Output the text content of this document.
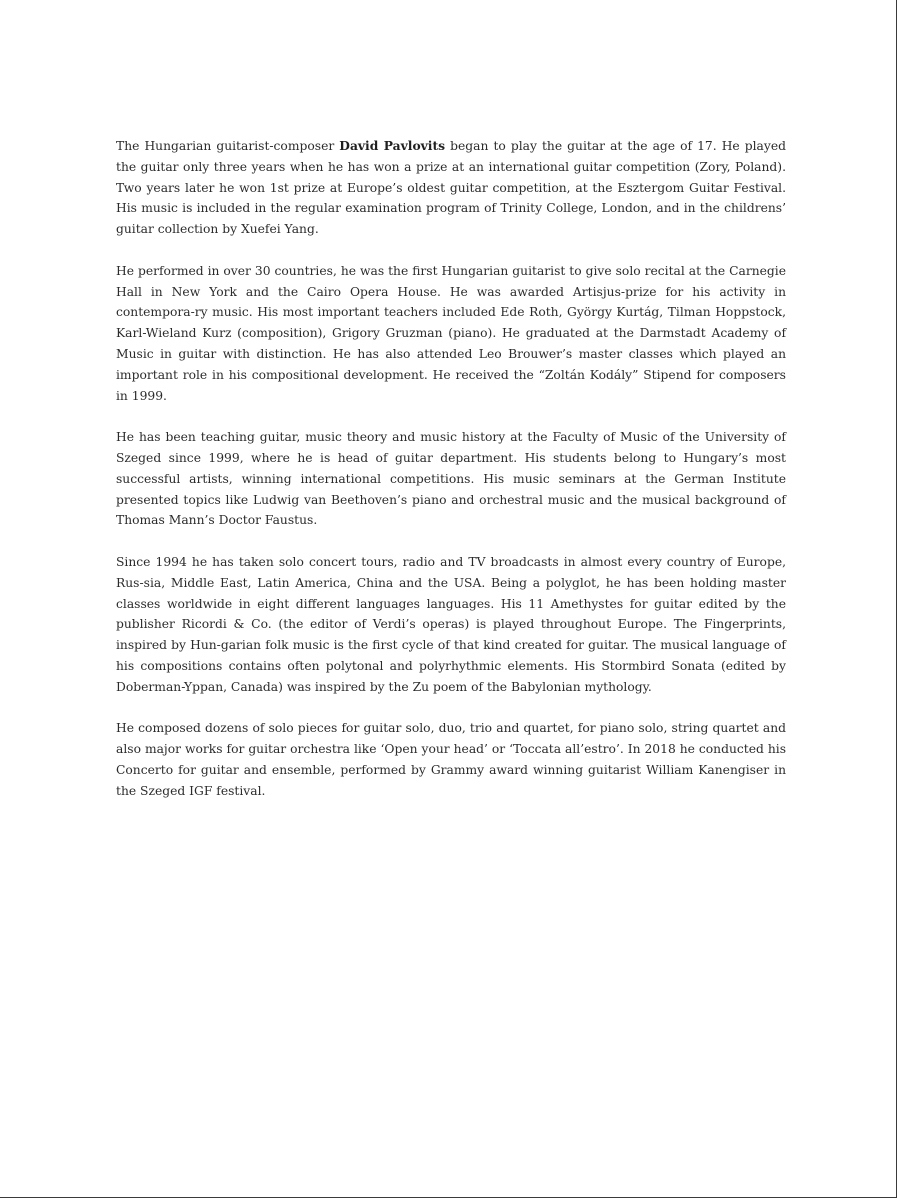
The Hungarian guitarist-composer David Pavlovits began to play the guitar at the age of 17. He played the guitar only three years when he has won a prize at an international guitar competition (Zory, Poland). Two years later he won 1st prize at Europe’s oldest guitar competition, at the Esztergom Guitar Festival. His music is included in the regular examination program of Trinity College, London, and in the childrens’ guitar collection by Xuefei Yang.

He performed in over 30 countries, he was the first Hungarian guitarist to give solo recital at the Carnegie Hall in New York and the Cairo Opera House. He was awarded Artisjus-prize for his activity in contempora-ry music. His most important teachers included Ede Roth, György Kurtág, Tilman Hoppstock, Karl-Wieland Kurz (composition), Grigory Gruzman (piano). He graduated at the Darmstadt Academy of Music in guitar with distinction. He has also attended Leo Brouwer’s master classes which played an important role in his compositional development. He received the “Zoltán Kodály” Stipend for composers in 1999.

He has been teaching guitar, music theory and music history at the Faculty of Music of the University of Szeged since 1999, where he is head of guitar department. His students belong to Hungary’s most successful artists, winning international competitions. His music seminars at the German Institute presented topics like Ludwig van Beethoven’s piano and orchestral music and the musical background of Thomas Mann’s Doctor Faustus.

Since 1994 he has taken solo concert tours, radio and TV broadcasts in almost every country of Europe, Rus-sia, Middle East, Latin America, China and the USA. Being a polyglot, he has been holding master classes worldwide in eight different languages languages. His 11 Amethystes for guitar edited by the publisher Ricordi & Co. (the editor of Verdi’s operas) is played throughout Europe. The Fingerprints, inspired by Hun-garian folk music is the first cycle of that kind created for guitar. The musical language of his compositions contains often polytonal and polyrhythmic elements. His Stormbird Sonata (edited by Doberman-Yppan, Canada) was inspired by the Zu poem of the Babylonian mythology.

He composed dozens of solo pieces for guitar solo, duo, trio and quartet, for piano solo, string quartet and also major works for guitar orchestra like ‘Open your head’ or ‘Toccata all’estro’. In 2018 he conducted his Concerto for guitar and ensemble, performed by Grammy award winning guitarist William Kanengiser in the Szeged IGF festival.
